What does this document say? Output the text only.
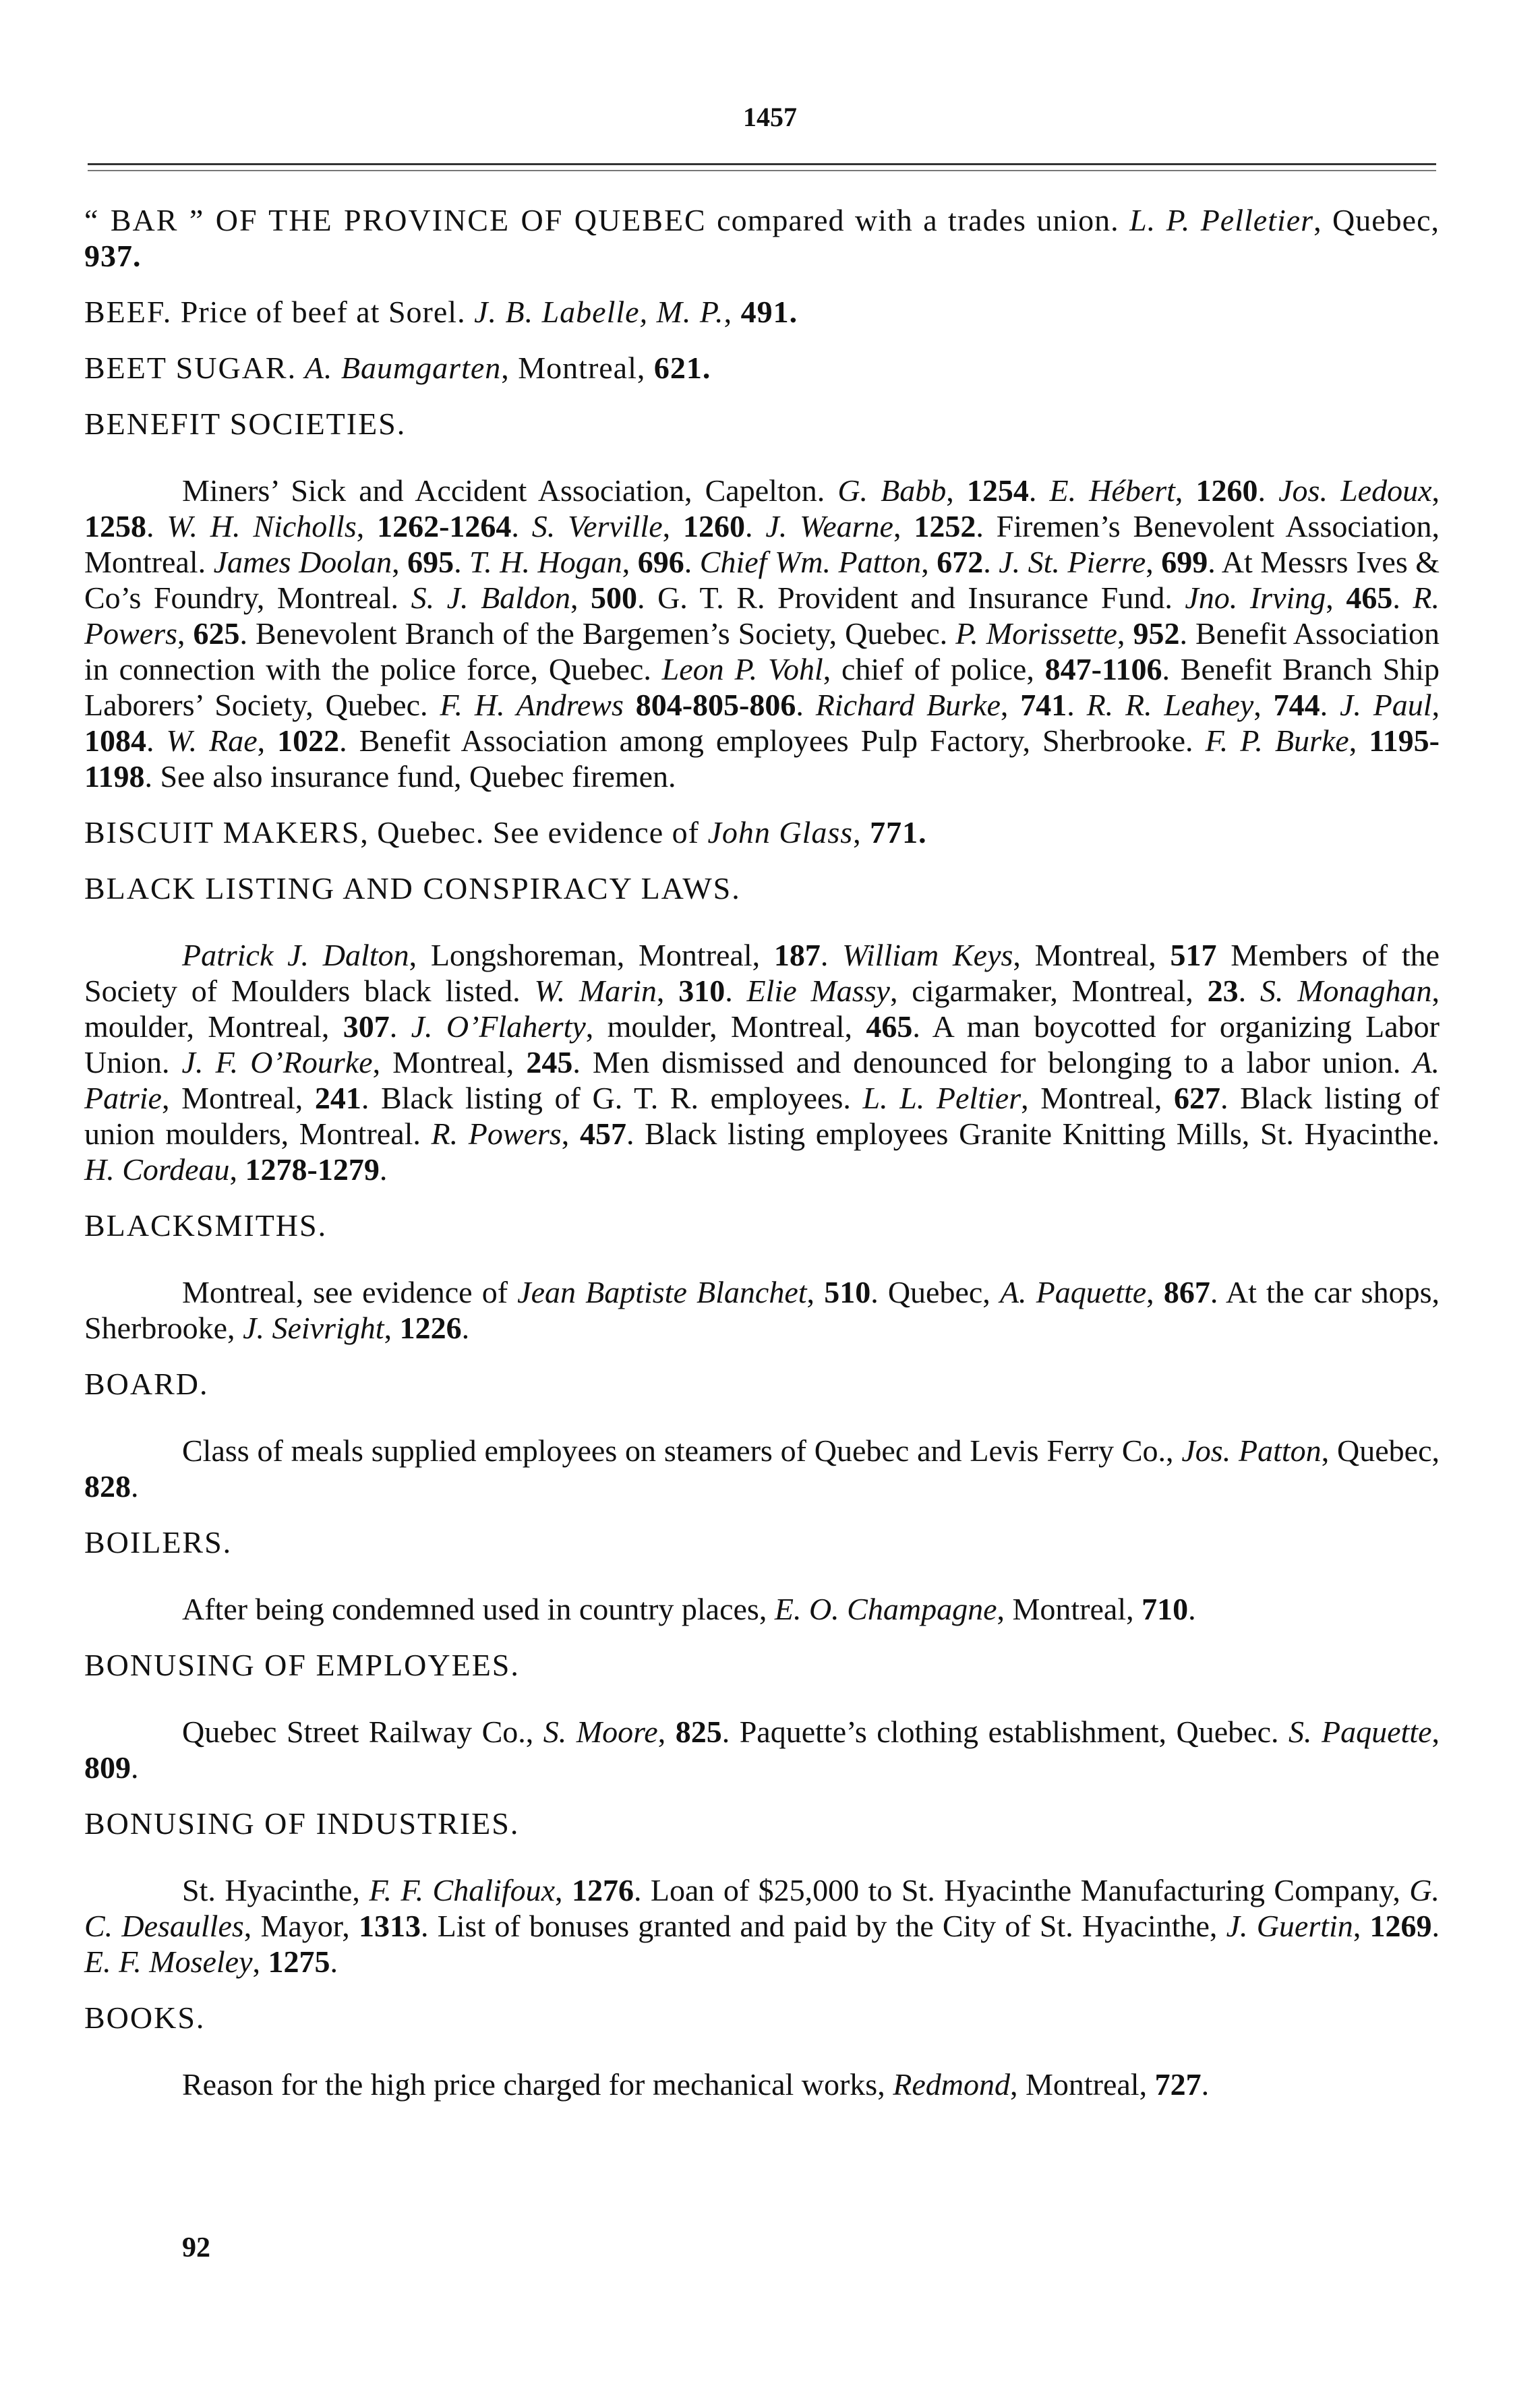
1457

“ BAR ” OF THE PROVINCE OF QUEBEC compared with a trades union. L. P. Pelletier, Quebec, 937.

BEEF. Price of beef at Sorel. J. B. Labelle, M. P., 491.

BEET SUGAR. A. Baumgarten, Montreal, 621.

BENEFIT SOCIETIES.

Miners’ Sick and Accident Association, Capelton. G. Babb, 1254. E. Hébert, 1260. Jos. Ledoux, 1258. W. H. Nicholls, 1262-1264. S. Verville, 1260. J. Wearne, 1252. Firemen’s Benevolent Association, Montreal. James Doolan, 695. T. H. Hogan, 696. Chief Wm. Patton, 672. J. St. Pierre, 699. At Messrs Ives & Co’s Foundry, Montreal. S. J. Baldon, 500. G. T. R. Provident and Insurance Fund. Jno. Irving, 465. R. Powers, 625. Benevolent Branch of the Bargemen’s Society, Quebec. P. Morissette, 952. Benefit Association in connection with the police force, Quebec. Leon P. Vohl, chief of police, 847-1106. Benefit Branch Ship Laborers’ Society, Quebec. F. H. Andrews 804-805-806. Richard Burke, 741. R. R. Leahey, 744. J. Paul, 1084. W. Rae, 1022. Benefit Association among employees Pulp Factory, Sherbrooke. F. P. Burke, 1195-1198. See also insurance fund, Quebec firemen.

BISCUIT MAKERS, Quebec. See evidence of John Glass, 771.

BLACK LISTING AND CONSPIRACY LAWS.

Patrick J. Dalton, Longshoreman, Montreal, 187. William Keys, Montreal, 517 Members of the Society of Moulders black listed. W. Marin, 310. Elie Massy, cigarmaker, Montreal, 23. S. Monaghan, moulder, Montreal, 307. J. O’Flaherty, moulder, Montreal, 465. A man boycotted for organizing Labor Union. J. F. O’Rourke, Montreal, 245. Men dismissed and denounced for belonging to a labor union. A. Patrie, Montreal, 241. Black listing of G. T. R. employees. L. L. Peltier, Montreal, 627. Black listing of union moulders, Montreal. R. Powers, 457. Black listing employees Granite Knitting Mills, St. Hyacinthe. H. Cordeau, 1278-1279.

BLACKSMITHS.

Montreal, see evidence of Jean Baptiste Blanchet, 510. Quebec, A. Paquette, 867. At the car shops, Sherbrooke, J. Seivright, 1226.

BOARD.

Class of meals supplied employees on steamers of Quebec and Levis Ferry Co., Jos. Patton, Quebec, 828.

BOILERS.

After being condemned used in country places, E. O. Champagne, Montreal, 710.

BONUSING OF EMPLOYEES.

Quebec Street Railway Co., S. Moore, 825. Paquette’s clothing establishment, Quebec. S. Paquette, 809.

BONUSING OF INDUSTRIES.

St. Hyacinthe, F. F. Chalifoux, 1276. Loan of $25,000 to St. Hyacinthe Manufacturing Company, G. C. Desaulles, Mayor, 1313. List of bonuses granted and paid by the City of St. Hyacinthe, J. Guertin, 1269. E. F. Moseley, 1275.

BOOKS.

Reason for the high price charged for mechanical works, Redmond, Montreal, 727.

92
